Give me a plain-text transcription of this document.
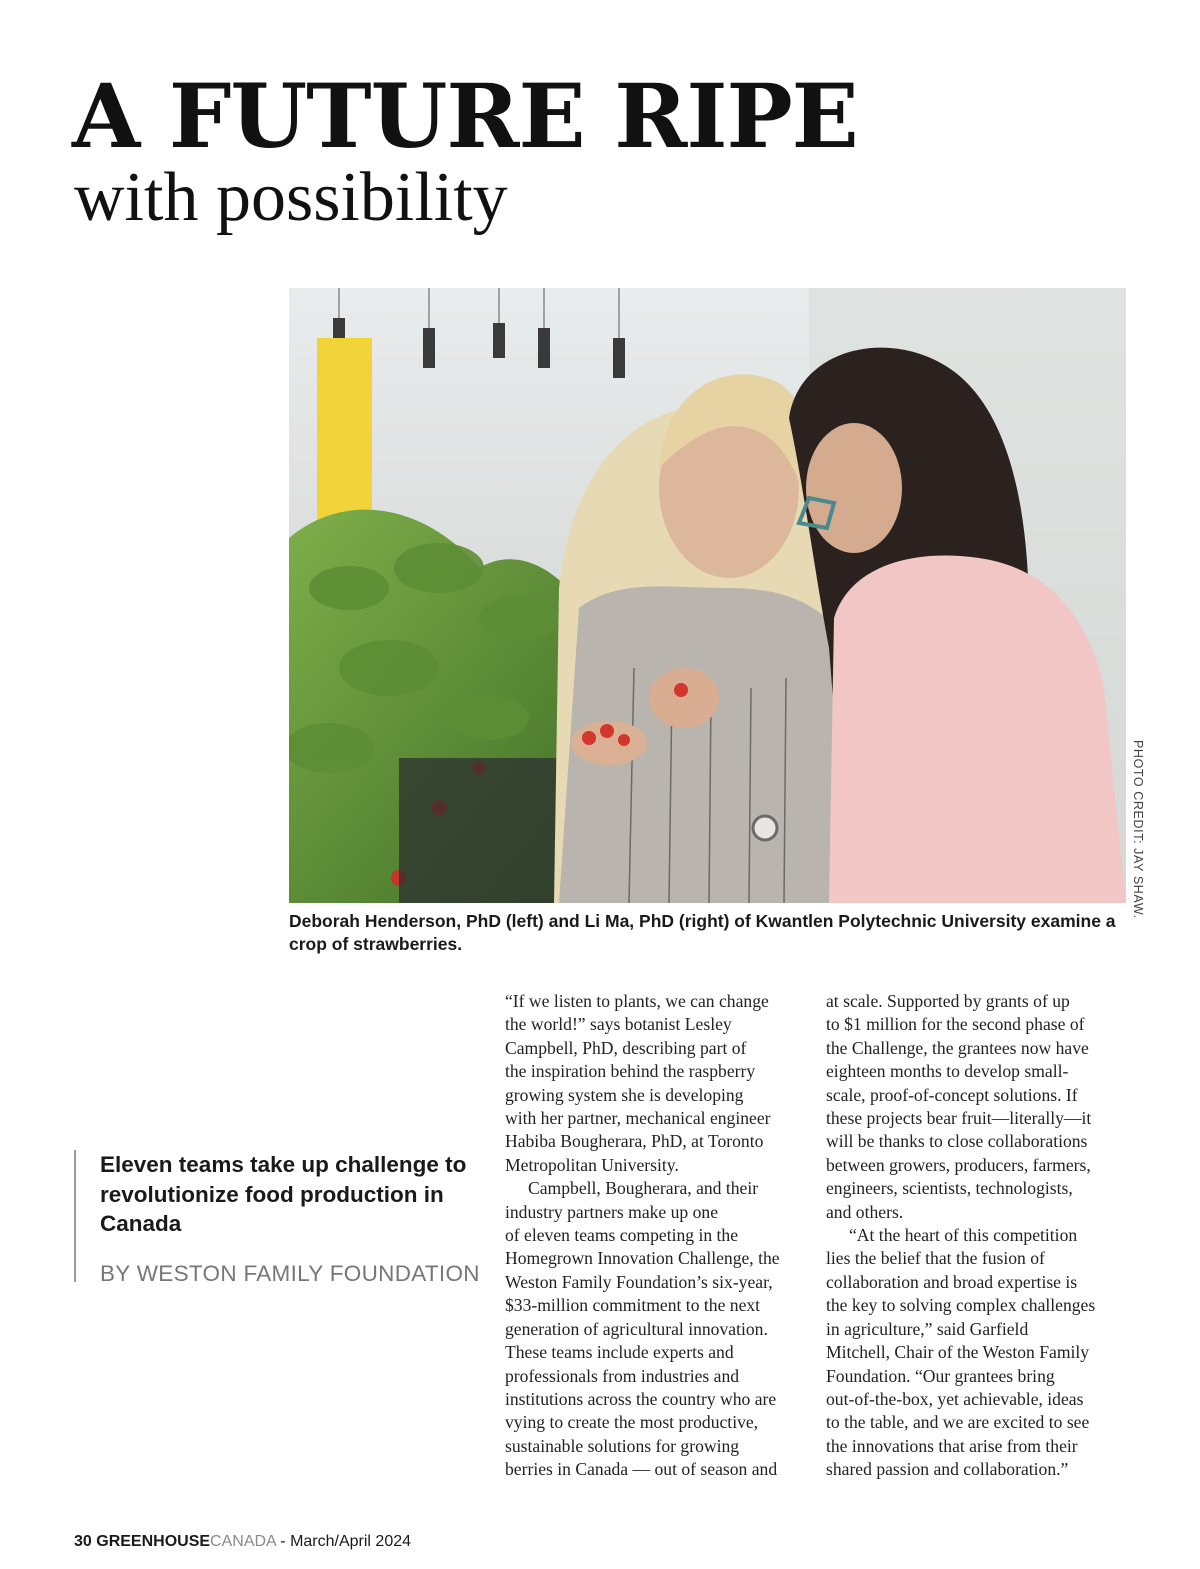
A FUTURE RIPE
with possibility
PHOTO CREDIT: JAY SHAW.

Deborah Henderson, PhD (left) and Li Ma, PhD (right) of Kwantlen Polytechnic University examine a crop of strawberries.

Eleven teams take up challenge to revolutionize food production in Canada

BY WESTON FAMILY FOUNDATION

“If we listen to plants, we can change
the world!” says botanist Lesley
Campbell, PhD, describing part of
the inspiration behind the raspberry
growing system she is developing
with her partner, mechanical engineer
Habiba Bougherara, PhD, at Toronto
Metropolitan University.
Campbell, Bougherara, and their
industry partners make up one
of eleven teams competing in the
Homegrown Innovation Challenge, the
Weston Family Foundation’s six-year,
$33-million commitment to the next
generation of agricultural innovation.
These teams include experts and
professionals from industries and
institutions across the country who are
vying to create the most productive,
sustainable solutions for growing
berries in Canada — out of season and
at scale. Supported by grants of up
to $1 million for the second phase of
the Challenge, the grantees now have
eighteen months to develop small-
scale, proof-of-concept solutions. If
these projects bear fruit—literally—it
will be thanks to close collaborations
between growers, producers, farmers,
engineers, scientists, technologists,
and others.
“At the heart of this competition
lies the belief that the fusion of
collaboration and broad expertise is
the key to solving complex challenges
in agriculture,” said Garfield
Mitchell, Chair of the Weston Family
Foundation. “Our grantees bring
out-of-the-box, yet achievable, ideas
to the table, and we are excited to see
the innovations that arise from their
shared passion and collaboration.”

30 GREENHOUSECANADA - March/April 2024
